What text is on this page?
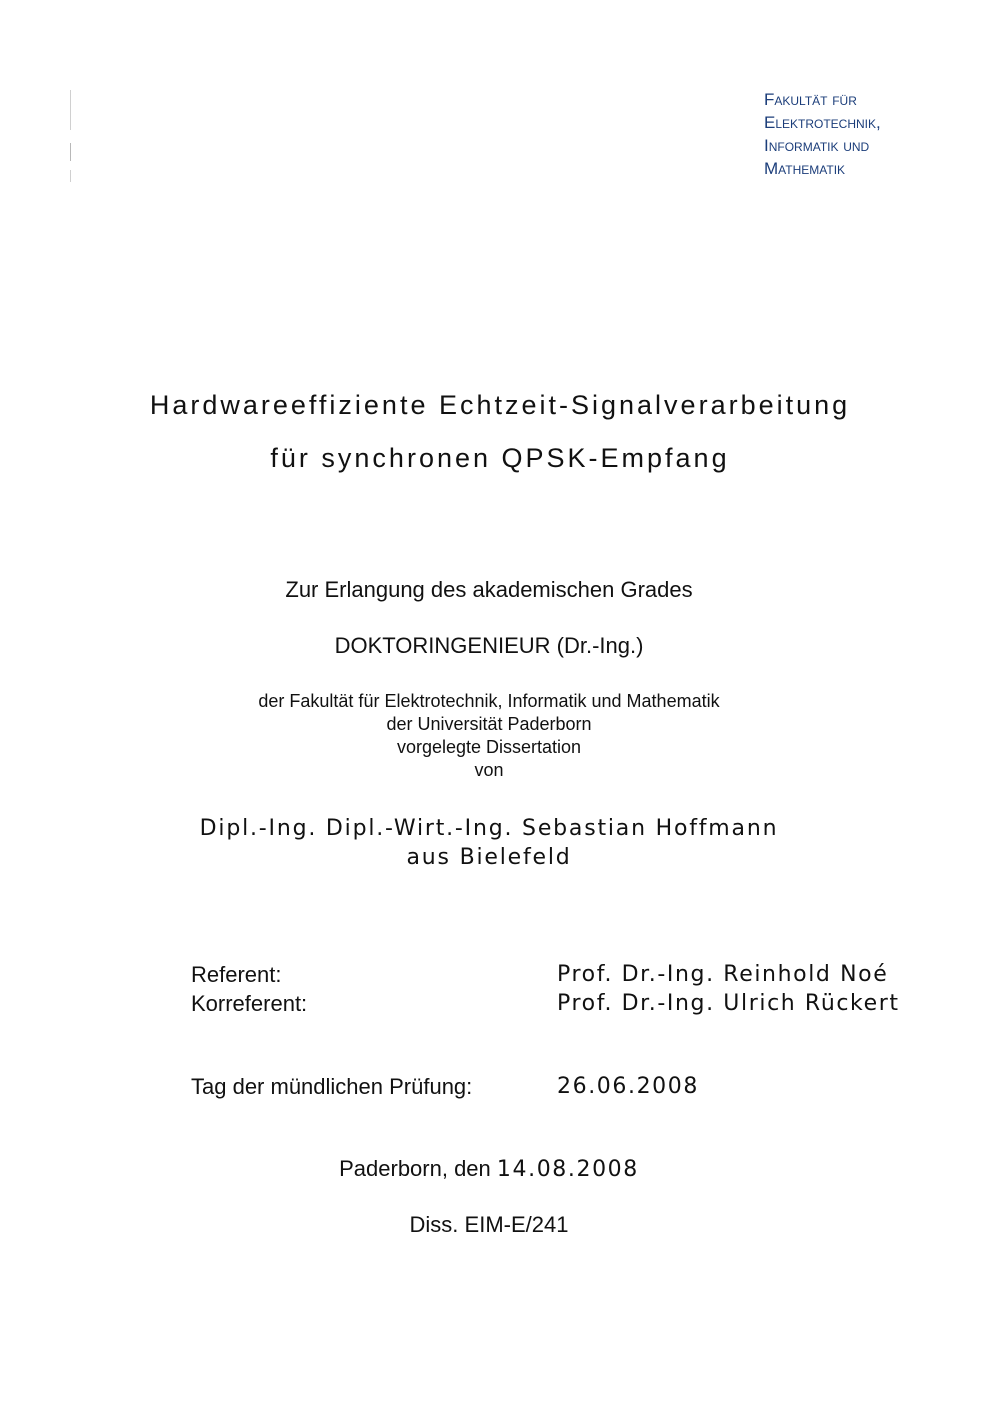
Fakultät für
Elektrotechnik,
Informatik und
Mathematik
Hardwareeffiziente Echtzeit-Signalverarbeitung
für synchronen QPSK-Empfang
Zur Erlangung des akademischen Grades
DOKTORINGENIEUR (Dr.-Ing.)
der Fakultät für Elektrotechnik, Informatik und Mathematik
der Universität Paderborn
vorgelegte Dissertation
von
Dipl.-Ing. Dipl.-Wirt.-Ing. Sebastian Hoffmann
aus Bielefeld
Referent:	Prof. Dr.-Ing. Reinhold Noé
Korreferent:	Prof. Dr.-Ing. Ulrich Rückert
Tag der mündlichen Prüfung:	26.06.2008
Paderborn, den 14.08.2008
Diss. EIM-E/241
